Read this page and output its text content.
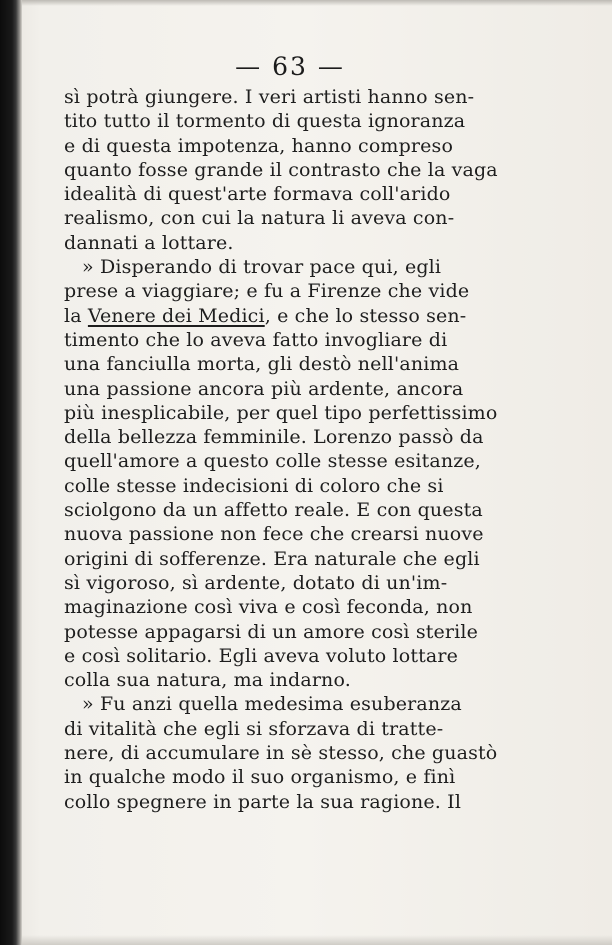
— 63 —
sì potrà giungere. I veri artisti hanno sen-
tito tutto il tormento di questa ignoranza
e di questa impotenza, hanno compreso
quanto fosse grande il contrasto che la vaga
idealità di quest'arte formava coll'arido
realismo, con cui la natura li aveva con-
dannati a lottare.
» Disperando di trovar pace qui, egli
prese a viaggiare; e fu a Firenze che vide
la Venere dei Medici, e che lo stesso sen-
timento che lo aveva fatto invogliare di
una fanciulla morta, gli destò nell'anima
una passione ancora più ardente, ancora
più inesplicabile, per quel tipo perfettissimo
della bellezza femminile. Lorenzo passò da
quell'amore a questo colle stesse esitanze,
colle stesse indecisioni di coloro che si
sciolgono da un affetto reale. E con questa
nuova passione non fece che crearsi nuove
origini di sofferenze. Era naturale che egli
sì vigoroso, sì ardente, dotato di un'im-
maginazione così viva e così feconda, non
potesse appagarsi di un amore così sterile
e così solitario. Egli aveva voluto lottare
colla sua natura, ma indarno.
» Fu anzi quella medesima esuberanza
di vitalità che egli si sforzava di tratte-
nere, di accumulare in sè stesso, che guastò
in qualche modo il suo organismo, e finì
collo spegnere in parte la sua ragione. Il
